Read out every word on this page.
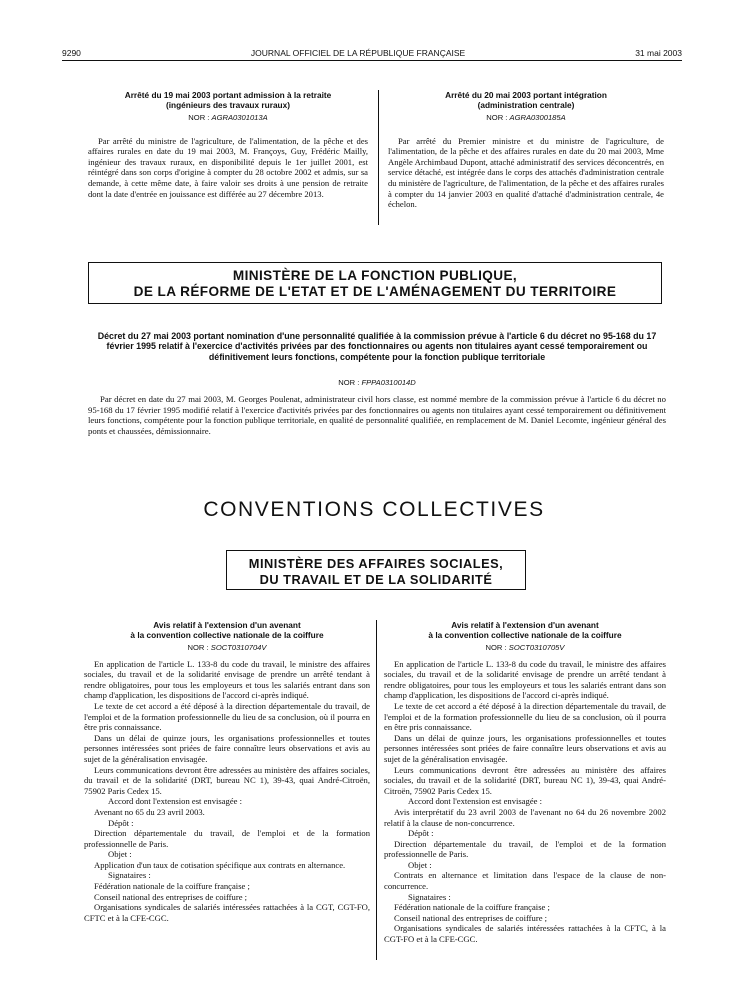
9290	JOURNAL OFFICIEL DE LA RÉPUBLIQUE FRANÇAISE	31 mai 2003
Arrêté du 19 mai 2003 portant admission à la retraite
(ingénieurs des travaux ruraux)
NOR : AGRA0301013A

Par arrêté du ministre de l'agriculture, de l'alimentation, de la pêche et des affaires rurales en date du 19 mai 2003, M. Françoys, Guy, Frédéric Mailly, ingénieur des travaux ruraux, en disponibilité depuis le 1er juillet 2001, est réintégré dans son corps d'origine à compter du 28 octobre 2002 et admis, sur sa demande, à cette même date, à faire valoir ses droits à une pension de retraite dont la date d'entrée en jouissance est différée au 27 décembre 2013.

Arrêté du 20 mai 2003 portant intégration
(administration centrale)
NOR : AGRA0300185A

Par arrêté du Premier ministre et du ministre de l'agriculture, de l'alimentation, de la pêche et des affaires rurales en date du 20 mai 2003, Mme Angèle Archimbaud Dupont, attaché administratif des services déconcentrés, en service détaché, est intégrée dans le corps des attachés d'administration centrale du ministère de l'agriculture, de l'alimentation, de la pêche et des affaires rurales à compter du 14 janvier 2003 en qualité d'attaché d'administration centrale, 4e échelon.

MINISTÈRE DE LA FONCTION PUBLIQUE,
DE LA RÉFORME DE L'ETAT ET DE L'AMÉNAGEMENT DU TERRITOIRE
Décret du 27 mai 2003 portant nomination d'une personnalité qualifiée à la commission prévue à l'article 6 du décret no 95-168 du 17 février 1995 relatif à l'exercice d'activités privées par des fonctionnaires ou agents non titulaires ayant cessé temporairement ou définitivement leurs fonctions, compétente pour la fonction publique territoriale
NOR : FPPA0310014D

Par décret en date du 27 mai 2003, M. Georges Poulenat, administrateur civil hors classe, est nommé membre de la commission prévue à l'article 6 du décret no 95-168 du 17 février 1995 modifié relatif à l'exercice d'activités privées par des fonctionnaires ou agents non titulaires ayant cessé temporairement ou définitivement leurs fonctions, compétente pour la fonction publique territoriale, en qualité de personnalité qualifiée, en remplacement de M. Daniel Lecomte, ingénieur général des ponts et chaussées, démissionnaire.

CONVENTIONS COLLECTIVES
MINISTÈRE DES AFFAIRES SOCIALES,
DU TRAVAIL ET DE LA SOLIDARITÉ
Avis relatif à l'extension d'un avenant
à la convention collective nationale de la coiffure
NOR : SOCT0310704V

En application de l'article L. 133-8 du code du travail, le ministre des affaires sociales, du travail et de la solidarité envisage de prendre un arrêté tendant à rendre obligatoires, pour tous les employeurs et tous les salariés entrant dans son champ d'application, les dispositions de l'accord ci-après indiqué.

Le texte de cet accord a été déposé à la direction départementale du travail, de l'emploi et de la formation professionnelle du lieu de sa conclusion, où il pourra en être pris connaissance.

Dans un délai de quinze jours, les organisations professionnelles et toutes personnes intéressées sont priées de faire connaître leurs observations et avis au sujet de la généralisation envisagée.

Leurs communications devront être adressées au ministère des affaires sociales, du travail et de la solidarité (DRT, bureau NC 1), 39-43, quai André-Citroën, 75902 Paris Cedex 15.

Accord dont l'extension est envisagée :

Avenant no 65 du 23 avril 2003.

Dépôt :

Direction départementale du travail, de l'emploi et de la formation professionnelle de Paris.

Objet :

Application d'un taux de cotisation spécifique aux contrats en alternance.

Signataires :

Fédération nationale de la coiffure française ;

Conseil national des entreprises de coiffure ;

Organisations syndicales de salariés intéressées rattachées à la CGT, CGT-FO, CFTC et à la CFE-CGC.

Avis relatif à l'extension d'un avenant
à la convention collective nationale de la coiffure
NOR : SOCT0310705V

En application de l'article L. 133-8 du code du travail, le ministre des affaires sociales, du travail et de la solidarité envisage de prendre un arrêté tendant à rendre obligatoires, pour tous les employeurs et tous les salariés entrant dans son champ d'application, les dispositions de l'accord ci-après indiqué.

Le texte de cet accord a été déposé à la direction départementale du travail, de l'emploi et de la formation professionnelle du lieu de sa conclusion, où il pourra en être pris connaissance.

Dans un délai de quinze jours, les organisations professionnelles et toutes personnes intéressées sont priées de faire connaître leurs observations et avis au sujet de la généralisation envisagée.

Leurs communications devront être adressées au ministère des affaires sociales, du travail et de la solidarité (DRT, bureau NC 1), 39-43, quai André-Citroën, 75902 Paris Cedex 15.

Accord dont l'extension est envisagée :

Avis interprétatif du 23 avril 2003 de l'avenant no 64 du 26 novembre 2002 relatif à la clause de non-concurrence.

Dépôt :

Direction départementale du travail, de l'emploi et de la formation professionnelle de Paris.

Objet :

Contrats en alternance et limitation dans l'espace de la clause de non-concurrence.

Signataires :

Fédération nationale de la coiffure française ;

Conseil national des entreprises de coiffure ;

Organisations syndicales de salariés intéressées rattachées à la CFTC, à la CGT-FO et à la CFE-CGC.
